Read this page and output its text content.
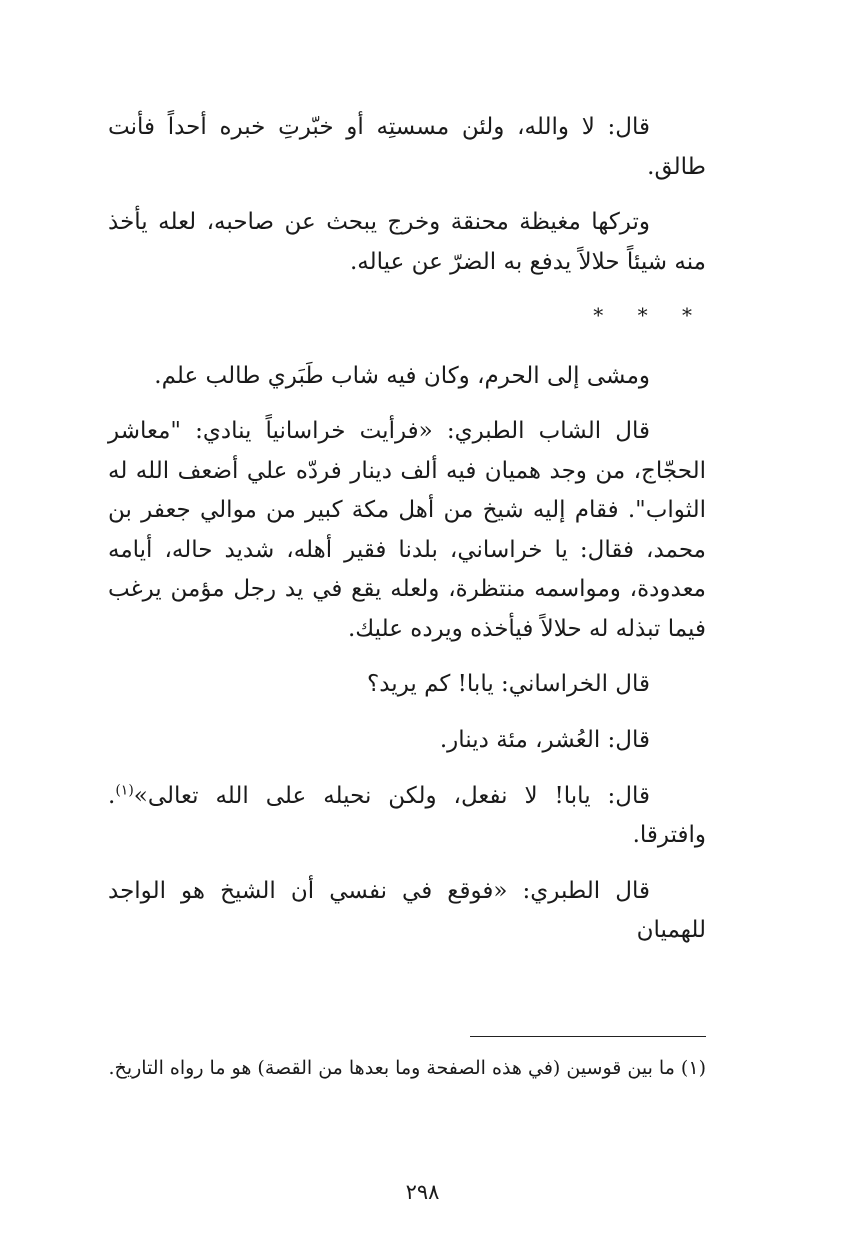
قال: لا والله، ولئن مسستِه أو خبّرتِ خبره أحداً فأنت طالق.

وتركها مغيظة محنقة وخرج يبحث عن صاحبه، لعله يأخذ منه شيئاً حلالاً يدفع به الضرّ عن عياله.

* * *

ومشى إلى الحرم، وكان فيه شاب طَبَري طالب علم.

قال الشاب الطبري: «فرأيت خراسانياً ينادي: "معاشر الحجّاج، من وجد هميان فيه ألف دينار فردّه علي أضعف الله له الثواب". فقام إليه شيخ من أهل مكة كبير من موالي جعفر بن محمد، فقال: يا خراساني، بلدنا فقير أهله، شديد حاله، أيامه معدودة، ومواسمه منتظرة، ولعله يقع في يد رجل مؤمن يرغب فيما تبذله له حلالاً فيأخذه ويرده عليك.

قال الخراساني: يابا! كم يريد؟

قال: العُشر، مئة دينار.

قال: يابا! لا نفعل، ولكن نحيله على الله تعالى»$^{(١)}$. وافترقا.

قال الطبري: «فوقع في نفسي أن الشيخ هو الواجد للهميان

(١) ما بين قوسين (في هذه الصفحة وما بعدها من القصة) هو ما رواه التاريخ.

٢٩٨
